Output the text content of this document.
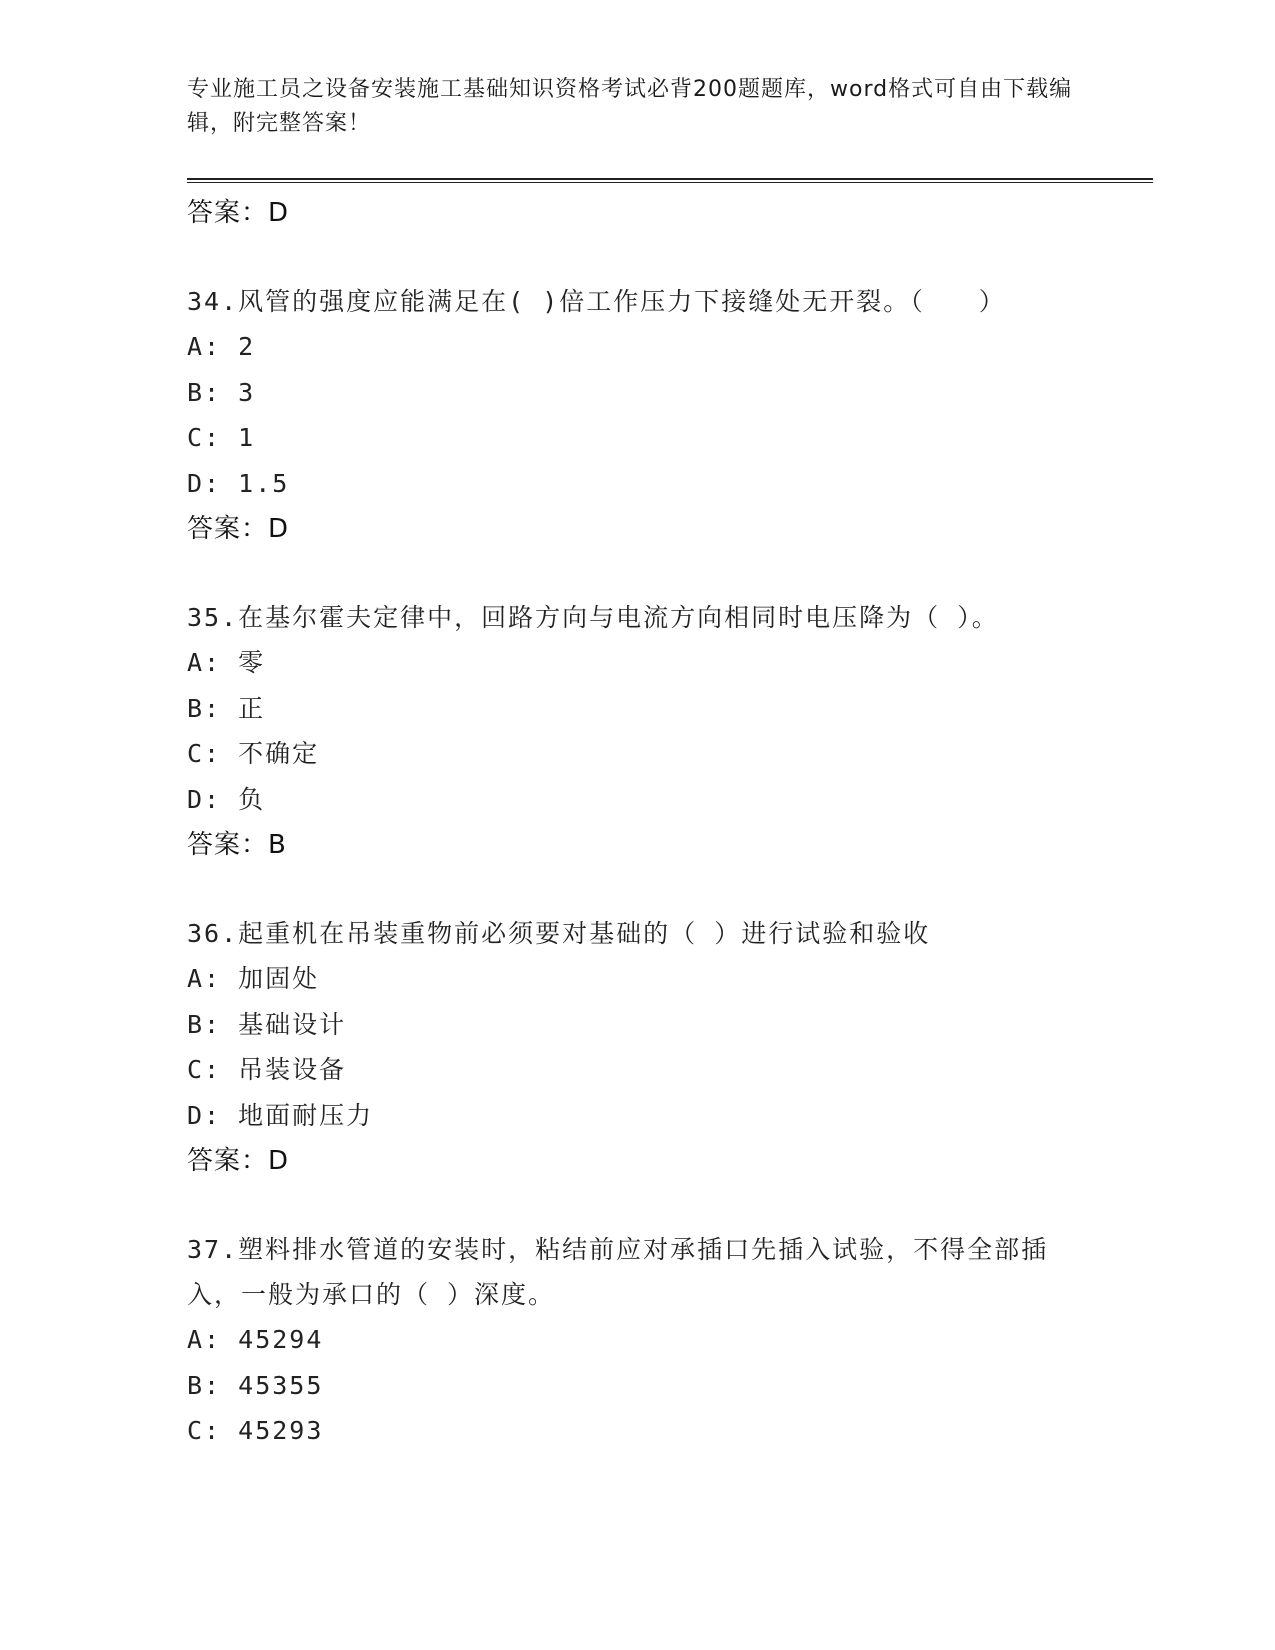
专业施工员之设备安装施工基础知识资格考试必背200题题库，word格式可自由下载编辑，附完整答案！
答案：D
34.风管的强度应能满足在( )倍工作压力下接缝处无开裂。（　　）
A: 2
B: 3
C: 1
D: 1.5
答案：D
35.在基尔霍夫定律中，回路方向与电流方向相同时电压降为（ ）。
A: 零
B: 正
C: 不确定
D: 负
答案：B
36.起重机在吊装重物前必须要对基础的（ ）进行试验和验收
A: 加固处
B: 基础设计
C: 吊装设备
D: 地面耐压力
答案：D
37.塑料排水管道的安装时，粘结前应对承插口先插入试验，不得全部插入，一般为承口的（ ）深度。
A: 45294
B: 45355
C: 45293
